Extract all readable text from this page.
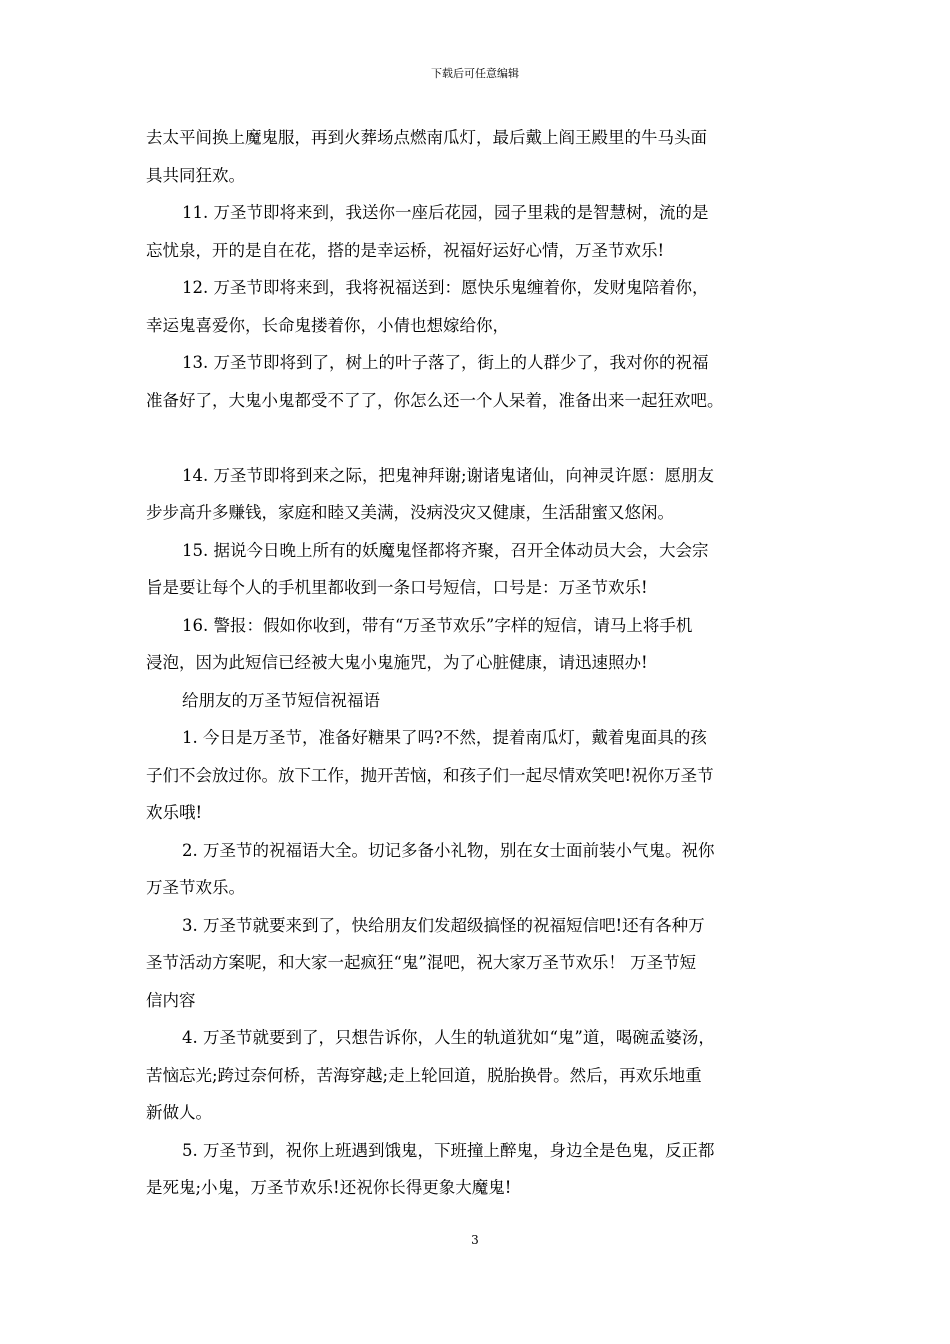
下载后可任意编辑
去太平间换上魔鬼服，再到火葬场点燃南瓜灯，最后戴上阎王殿里的牛马头面
具共同狂欢。
11. 万圣节即将来到，我送你一座后花园，园子里栽的是智慧树，流的是
忘忧泉，开的是自在花，搭的是幸运桥，祝福好运好心情，万圣节欢乐!
12. 万圣节即将来到，我将祝福送到：愿快乐鬼缠着你，发财鬼陪着你，
幸运鬼喜爱你，长命鬼搂着你，小倩也想嫁给你，
13. 万圣节即将到了，树上的叶子落了，街上的人群少了，我对你的祝福
准备好了，大鬼小鬼都受不了了，你怎么还一个人呆着，准备出来一起狂欢吧。
14. 万圣节即将到来之际，把鬼神拜谢;谢诸鬼诸仙，向神灵许愿：愿朋友
步步高升多赚钱，家庭和睦又美满，没病没灾又健康，生活甜蜜又悠闲。
15. 据说今日晚上所有的妖魔鬼怪都将齐聚，召开全体动员大会，大会宗
旨是要让每个人的手机里都收到一条口号短信，口号是：万圣节欢乐!
16. 警报：假如你收到，带有“万圣节欢乐”字样的短信，请马上将手机
浸泡，因为此短信已经被大鬼小鬼施咒，为了心脏健康，请迅速照办!
给朋友的万圣节短信祝福语
1. 今日是万圣节，准备好糖果了吗?不然，提着南瓜灯，戴着鬼面具的孩
子们不会放过你。放下工作，抛开苦恼，和孩子们一起尽情欢笑吧!祝你万圣节
欢乐哦!
2. 万圣节的祝福语大全。切记多备小礼物，别在女士面前装小气鬼。祝你
万圣节欢乐。
3. 万圣节就要来到了，快给朋友们发超级搞怪的祝福短信吧!还有各种万
圣节活动方案呢，和大家一起疯狂“鬼”混吧，祝大家万圣节欢乐！ 万圣节短
信内容
4. 万圣节就要到了，只想告诉你，人生的轨道犹如“鬼”道，喝碗孟婆汤，
苦恼忘光;跨过奈何桥，苦海穿越;走上轮回道，脱胎换骨。然后，再欢乐地重
新做人。
5. 万圣节到，祝你上班遇到饿鬼，下班撞上醉鬼，身边全是色鬼，反正都
是死鬼;小鬼，万圣节欢乐!还祝你长得更象大魔鬼!
3
